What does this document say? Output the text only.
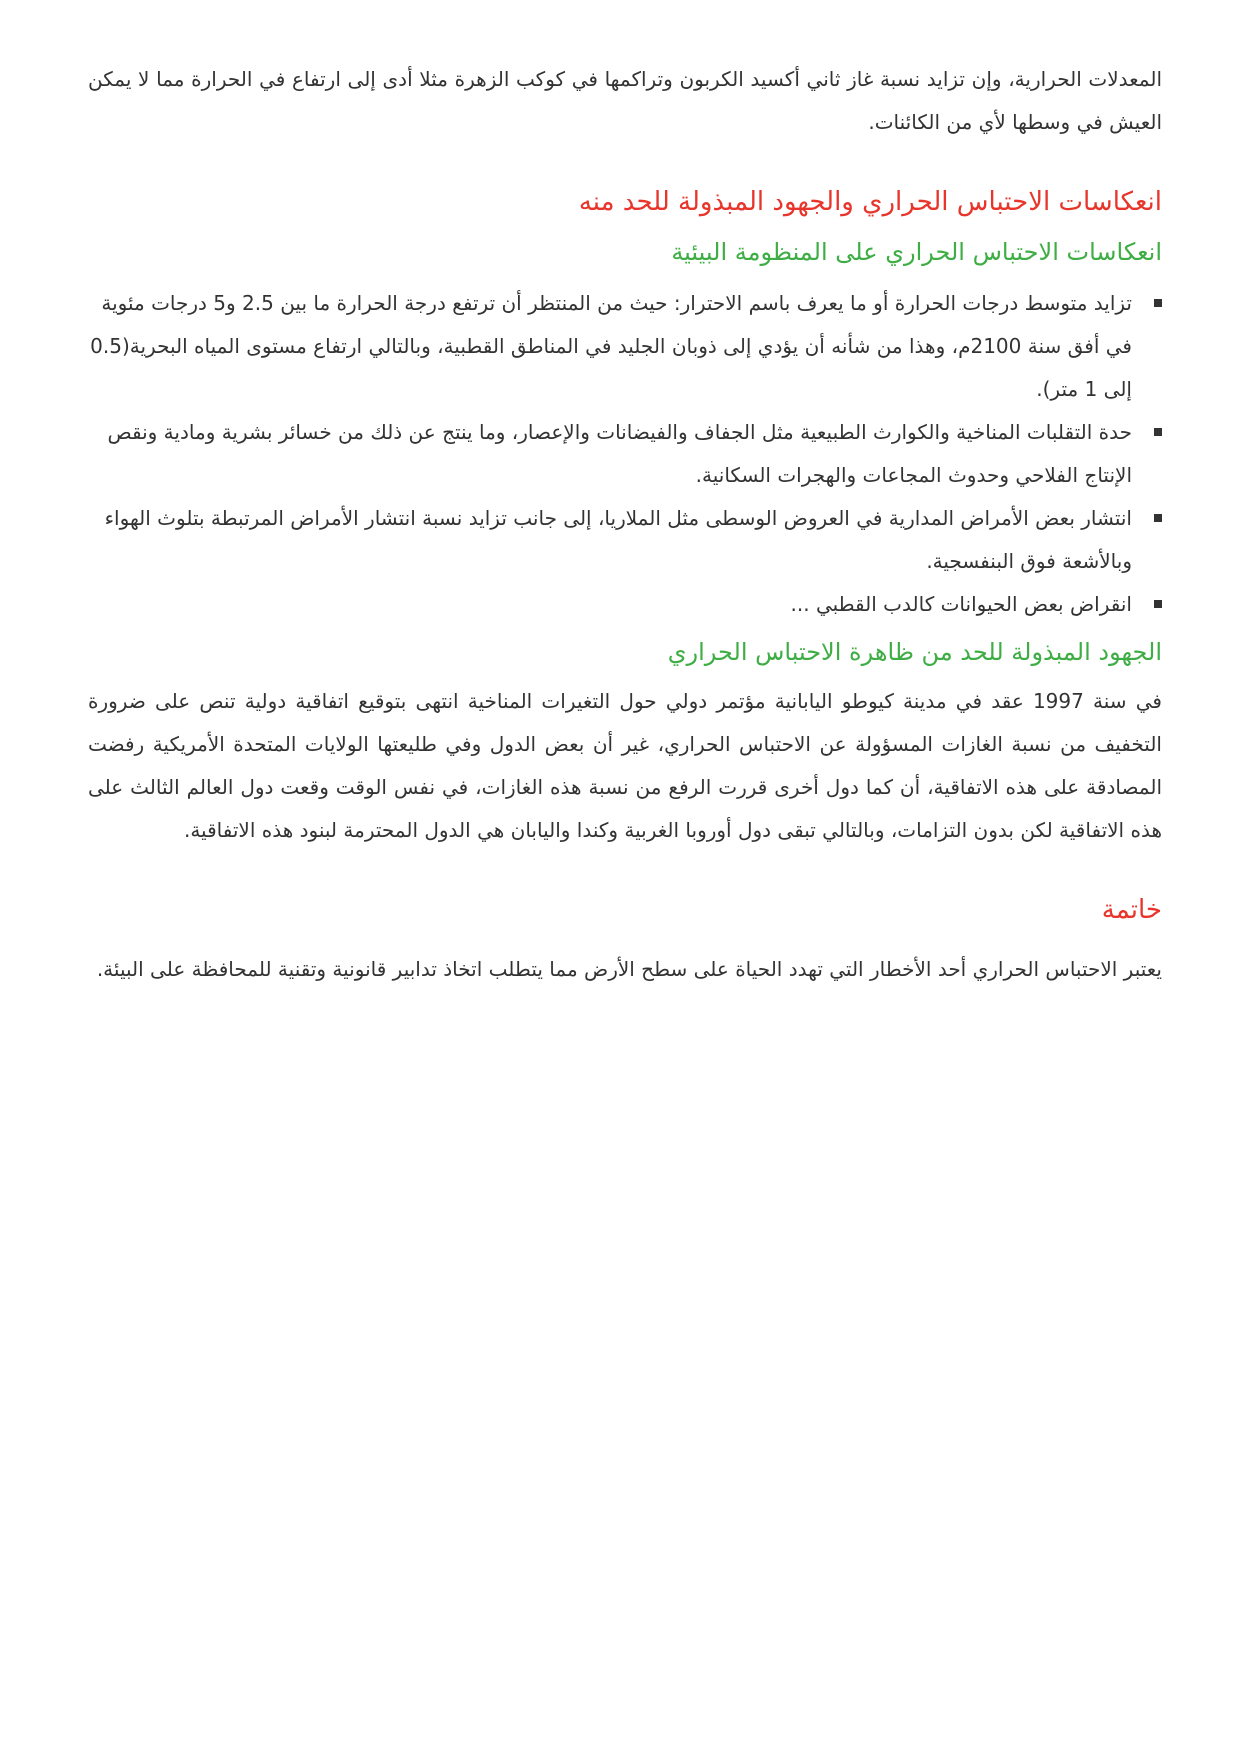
المعدلات الحرارية، وإن تزايد نسبة غاز ثاني أكسيد الكربون وتراكمها في كوكب الزهرة مثلا أدى إلى ارتفاع في الحرارة مما لا يمكن العيش في وسطها لأي من الكائنات.

انعكاسات الاحتباس الحراري والجهود المبذولة للحد منه
انعكاسات الاحتباس الحراري على المنظومة البيئية
تزايد متوسط درجات الحرارة أو ما يعرف باسم الاحترار: حيث من المنتظر أن ترتفع درجة الحرارة ما بين 2.5 و5 درجات مئوية في أفق سنة 2100م، وهذا من شأنه أن يؤدي إلى ذوبان الجليد في المناطق القطبية، وبالتالي ارتفاع مستوى المياه البحرية(0.5 إلى 1 متر).
حدة التقلبات المناخية والكوارث الطبيعية مثل الجفاف والفيضانات والإعصار، وما ينتج عن ذلك من خسائر بشرية ومادية ونقص الإنتاج الفلاحي وحدوث المجاعات والهجرات السكانية.
انتشار بعض الأمراض المدارية في العروض الوسطى مثل الملاريا، إلى جانب تزايد نسبة انتشار الأمراض المرتبطة بتلوث الهواء وبالأشعة فوق البنفسجية.
انقراض بعض الحيوانات كالدب القطبي ...
الجهود المبذولة للحد من ظاهرة الاحتباس الحراري

في سنة 1997 عقد في مدينة كيوطو اليابانية مؤتمر دولي حول التغيرات المناخية انتهى بتوقيع اتفاقية دولية تنص على ضرورة التخفيف من نسبة الغازات المسؤولة عن الاحتباس الحراري، غير أن بعض الدول وفي طليعتها الولايات المتحدة الأمريكية رفضت المصادقة على هذه الاتفاقية، أن كما دول أخرى قررت الرفع من نسبة هذه الغازات، في نفس الوقت وقعت دول العالم الثالث على هذه الاتفاقية لكن بدون التزامات، وبالتالي تبقى دول أوروبا الغربية وكندا واليابان هي الدول المحترمة لبنود هذه الاتفاقية.

خاتمة

يعتبر الاحتباس الحراري أحد الأخطار التي تهدد الحياة على سطح الأرض مما يتطلب اتخاذ تدابير قانونية وتقنية للمحافظة على البيئة.
